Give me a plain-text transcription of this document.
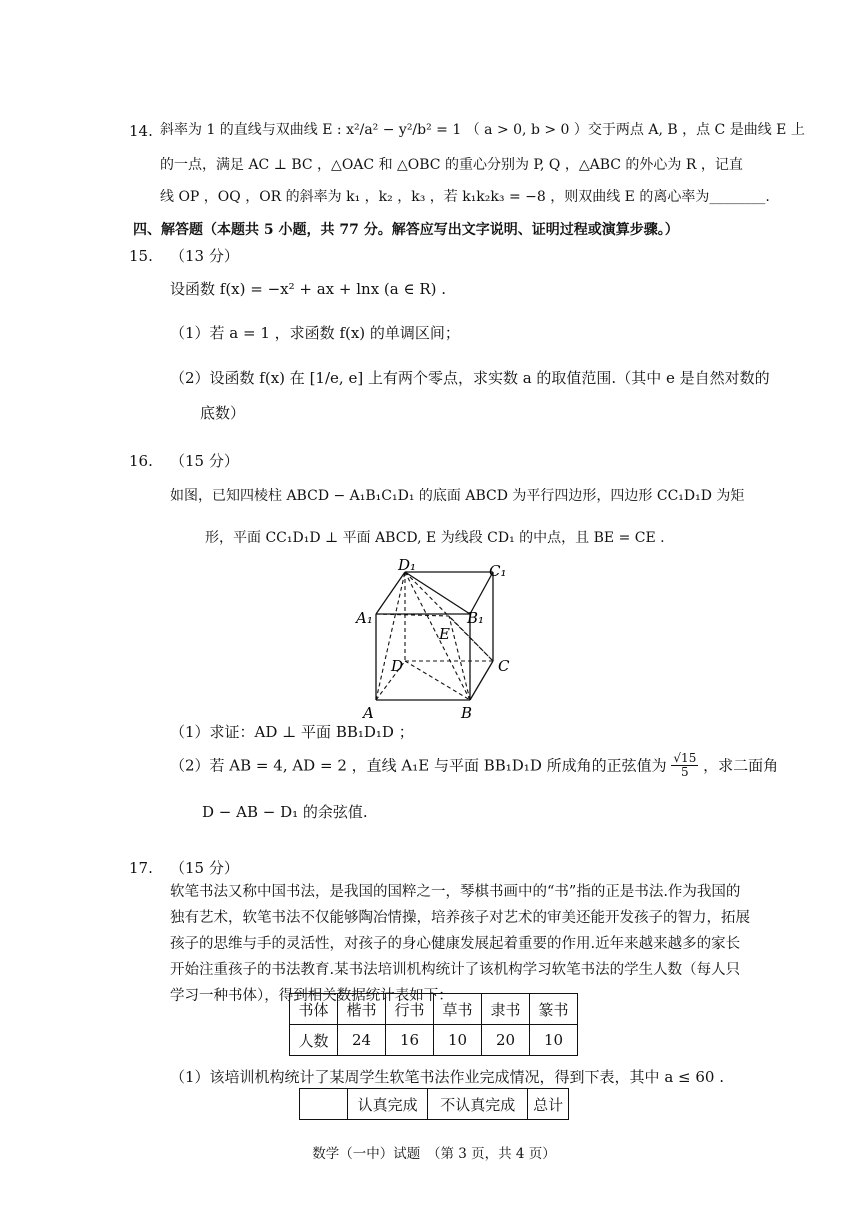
14. 斜率为 1 的直线与双曲线 E : x²/a² − y²/b² = 1 （ a > 0, b > 0 ）交于两点 A, B ，点 C 是曲线 E 上
的一点，满足 AC ⊥ BC ，△OAC 和 △OBC 的重心分别为 P, Q ，△ABC 的外心为 R ，记直
线 OP ，OQ ，OR 的斜率为 k₁ ，k₂ ，k₃ ，若 k₁k₂k₃ = −8 ，则双曲线 E 的离心率为________.
四、解答题（本题共 5 小题，共 77 分。解答应写出文字说明、证明过程或演算步骤。）
15. （13 分）
设函数 f(x) = −x² + ax + lnx (a ∈ R) .
（1）若 a = 1 ，求函数 f(x) 的单调区间；
（2）设函数 f(x) 在 [1/e, e] 上有两个零点，求实数 a 的取值范围.（其中 e 是自然对数的
底数）
16. （15 分）
如图，已知四棱柱 ABCD − A₁B₁C₁D₁ 的底面 ABCD 为平行四边形，四边形 CC₁D₁D 为矩
形，平面 CC₁D₁D ⊥ 平面 ABCD, E 为线段 CD₁ 的中点，且 BE = CE .
D₁	C₁
A₁	B₁
E
D	C
A	B
（1）求证：AD ⊥ 平面 BB₁D₁D ；
（2）若 AB = 4, AD = 2 ，直线 A₁E 与平面 BB₁D₁D 所成角的正弦值为 $\frac{√15}{5}$ ，求二面角
D − AB − D₁ 的余弦值.
17. （15 分）
软笔书法又称中国书法，是我国的国粹之一，琴棋书画中的“书”指的正是书法.作为我国的独有艺术，软笔书法不仅能够陶冶情操，培养孩子对艺术的审美还能开发孩子的智力，拓展孩子的思维与手的灵活性，对孩子的身心健康发展起着重要的作用.近年来越来越多的家长开始注重孩子的书法教育.某书法培训机构统计了该机构学习软笔书法的学生人数（每人只学习一种书体），得到相关数据统计表如下：
书体	楷书	行书	草书	隶书	篆书
人数	24	16	10	20	10
（1）该培训机构统计了某周学生软笔书法作业完成情况，得到下表，其中 a ≤ 60 .
	认真完成	不认真完成	总计
数学（一中）试题　（第 3 页，共 4 页）
